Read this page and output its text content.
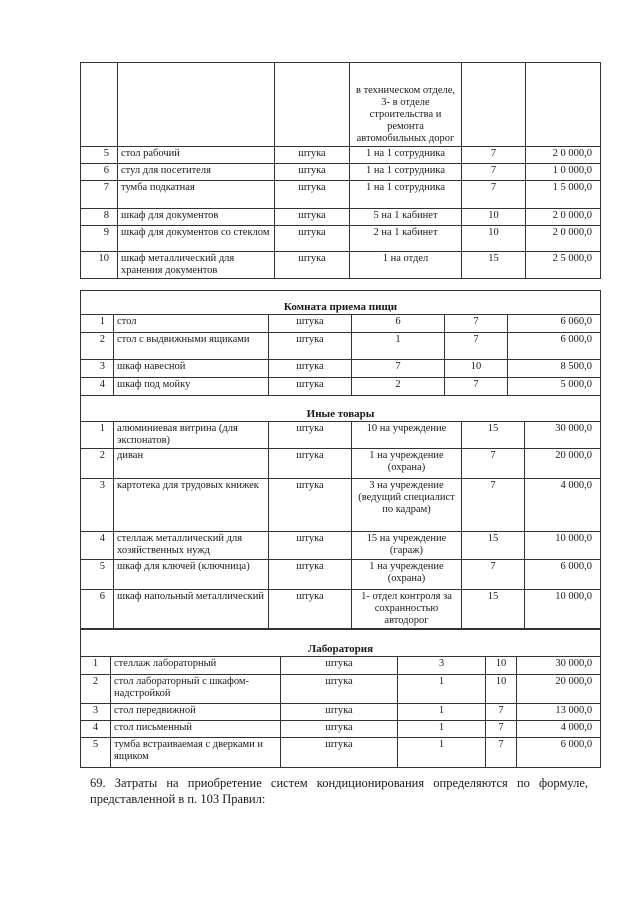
			в техническом отделе, 3- в отделе строительства и ремонта автомобильных дорог		
5	стол рабочий	штука	1 на 1 сотрудника	7	2 0 000,0
6	стул для посетителя	штука	1 на 1 сотрудника	7	1 0 000,0
7	тумба подкатная	штука	1 на 1 сотрудника	7	1 5 000,0
8	шкаф для документов	штука	5 на 1 кабинет	10	2 0 000,0
9	шкаф для документов со стеклом	штука	2 на 1 кабинет	10	2 0 000,0
10	шкаф металлический для хранения документов	штука	1 на отдел	15	2 5 000,0
Комната приема пищи					
1	стол	штука	6	7	6 060,0
2	стол с выдвижными ящиками	штука	1	7	6 000,0
3	шкаф навесной	штука	7	10	8 500,0
4	шкаф под мойку	штука	2	7	5 000,0
Иные товары					
1	алюминиевая витрина (для экспонатов)	штука	10 на учреждение	15	30 000,0
2	диван	штука	1 на учреждение (охрана)	7	20 000,0
3	картотека для трудовых книжек	штука	3 на учреждение (ведущий специалист по кадрам)	7	4 000,0
4	стеллаж металлический для хозяйственных нужд	штука	15 на учреждение (гараж)	15	10 000,0
5	шкаф для ключей (ключница)	штука	1 на учреждение (охрана)	7	6 000,0
6	шкаф напольный металлический	штука	1- отдел контроля за сохранностью автодорог	15	10 000,0
Лаборатория					
1	стеллаж лабораторный	штука	3	10	30 000,0
2	стол лабораторный с шкафом-надстройкой	штука	1	10	20 000,0
3	стол передвижной	штука	1	7	13 000,0
4	стол письменный	штука	1	7	4 000,0
5	тумба встраиваемая с дверками и ящиком	штука	1	7	6 000,0
69. Затраты на приобретение систем кондиционирования определяются по формуле, представленной в п. 103 Правил:
